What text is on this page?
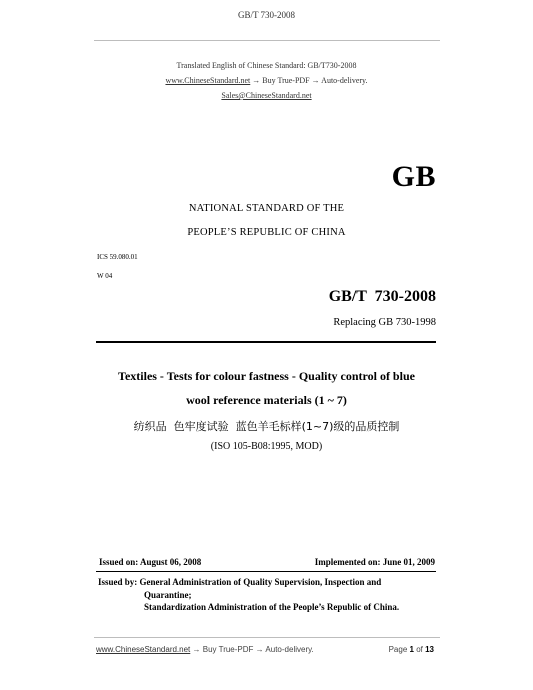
GB/T 730-2008
Translated English of Chinese Standard: GB/T730-2008
www.ChineseStandard.net → Buy True-PDF → Auto-delivery.
Sales@ChineseStandard.net
GB
NATIONAL STANDARD OF THE
PEOPLE’S REPUBLIC OF CHINA
ICS 59.080.01
W 04
GB/T  730-2008
Replacing GB 730-1998
Textiles - Tests for colour fastness - Quality control of blue
wool reference materials (1 ~ 7)
纺织品  色牢度试验  蓝色羊毛标样(1~7)级的品质控制
(ISO 105-B08:1995, MOD)
Issued on: August 06, 2008	Implemented on: June 01, 2009
Issued by: General Administration of Quality Supervision, Inspection and
Quarantine;
Standardization Administration of the People’s Republic of China.
www.ChineseStandard.net → Buy True-PDF → Auto-delivery.	Page 1 of 13
